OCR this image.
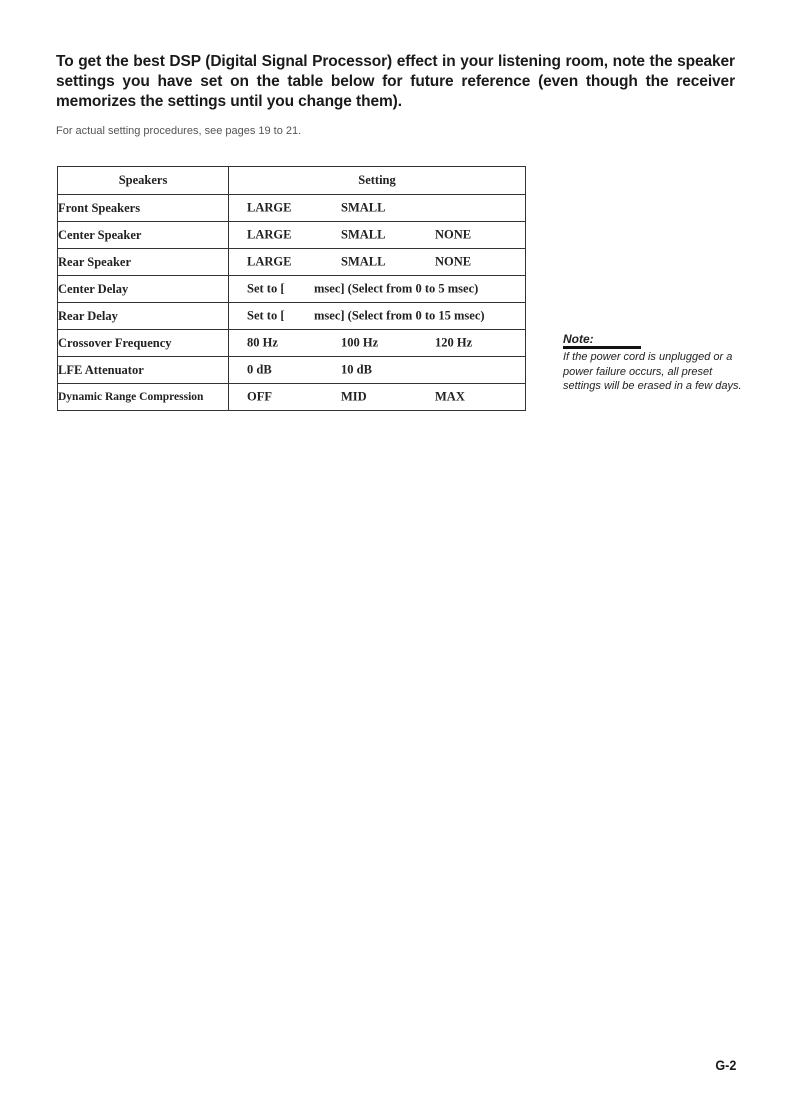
To get the best DSP (Digital Signal Processor) effect in your listening room, note the speaker settings you have set on the table below for future reference (even though the receiver memorizes the settings until you change them).

For actual setting procedures, see pages 19 to 21.

Speakers	Setting
Front Speakers	LARGE SMALL

Center Speaker	LARGE SMALL NONE

Rear Speaker	LARGE SMALL NONE

Center Delay	Set to [ msec] (Select from 0 to 5 msec)

Rear Delay	Set to [ msec] (Select from 0 to 15 msec)

Crossover Frequency	80 Hz 100 Hz 120 Hz

LFE Attenuator	0 dB 10 dB

Dynamic Range Compression	OFF MID MAX
Note:
If the power cord is unplugged or a power failure occurs, all preset settings will be erased in a few days.
G-2
